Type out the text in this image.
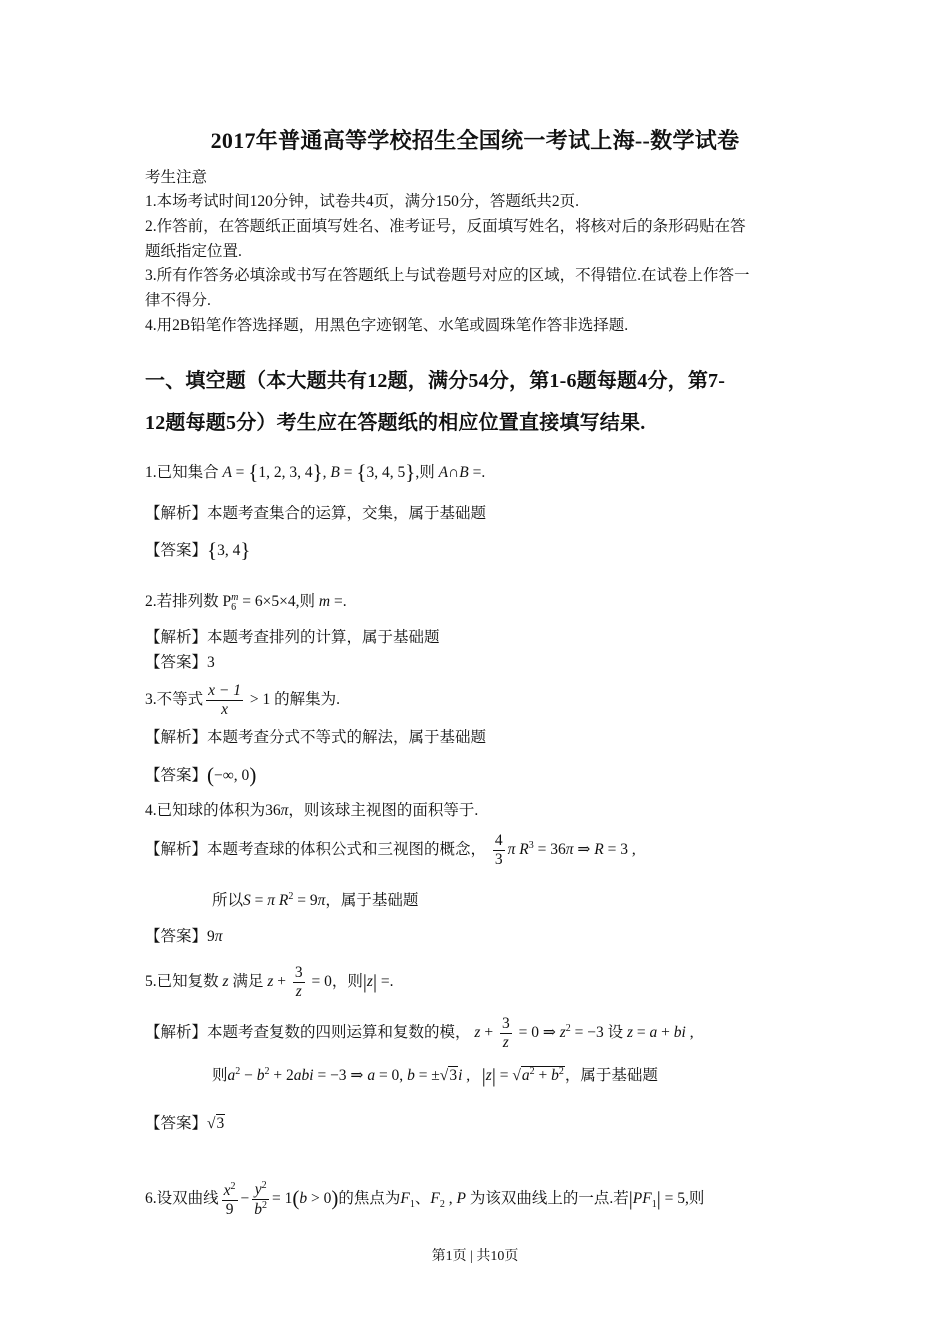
2017年普通高等学校招生全国统一考试上海--数学试卷
考生注意
1.本场考试时间120分钟，试卷共4页，满分150分，答题纸共2页.
2.作答前，在答题纸正面填写姓名、准考证号，反面填写姓名，将核对后的条形码贴在答
题纸指定位置.
3.所有作答务必填涂或书写在答题纸上与试卷题号对应的区域，不得错位.在试卷上作答一
律不得分.
4.用2B铅笔作答选择题，用黑色字迹钢笔、水笔或圆珠笔作答非选择题.
一、填空题（本大题共有12题，满分54分，第1-6题每题4分，第7-
12题每题5分）考生应在答题纸的相应位置直接填写结果.
1.已知集合 A = {1, 2, 3, 4}, B = {3, 4, 5},则 A∩B =.
【解析】本题考查集合的运算，交集，属于基础题
【答案】{3, 4}
2.若排列数 $P_6^m = 6\times 5\times 4$,则 m =.
【解析】本题考查排列的计算，属于基础题
【答案】3
3.不等式 $\frac{x - 1}{x} > 1$ 的解集为.
【解析】本题考查分式不等式的解法，属于基础题
【答案】(−∞, 0)
4.已知球的体积为36π，则该球主视图的面积等于.
【解析】本题考查球的体积公式和三视图的概念， $\frac{4}{3}$ π $R^3 = 36\pi$ ⇒ R = 3 ,
所以S = π $R^2 = 9\pi$，属于基础题
【答案】9π
5.已知复数 z 满足 $z + \frac{3}{z} = 0$，则|z| =.
【解析】本题考查复数的四则运算和复数的模， $z + \frac{3}{z} = 0$ ⇒ $z^2 = -3$ 设 z = a + bi ,
则$a^2 - b^2 + 2abi = -3$ ⇒ a = 0, b = ±√3i ,   $|z| = √a^2 + b^2$，属于基础题
【答案】√3
6.设双曲线 $\frac{x^2}{9} - \frac{y^2}{b^2} = 1(b > 0)$的焦点为$F_1$、$F_2$ , P 为该双曲线上的一点.若$|PF_1| = 5$,则
第1页 | 共10页
